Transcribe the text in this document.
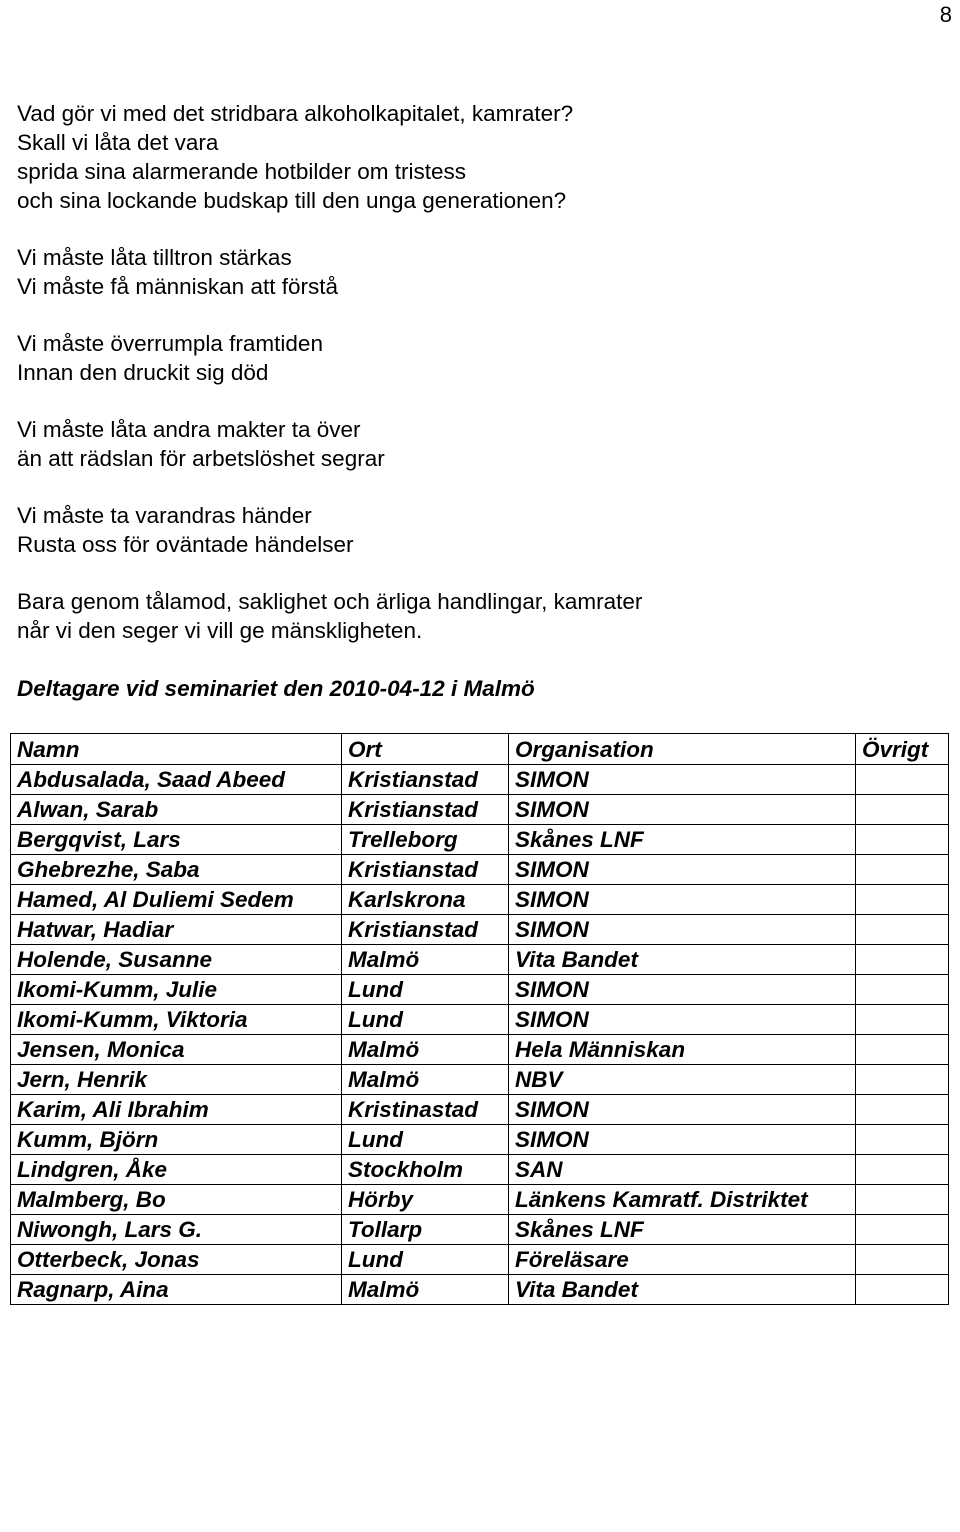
8
Vad gör vi med det stridbara alkoholkapitalet, kamrater?
Skall vi låta det vara
sprida sina alarmerande hotbilder om tristess
och sina lockande budskap till den unga generationen?
Vi måste låta tilltron stärkas
Vi måste få människan att förstå
Vi måste överrumpla framtiden
Innan den druckit sig död
Vi måste låta andra makter ta över
än att rädslan för arbetslöshet segrar
Vi måste ta varandras händer
Rusta oss för oväntade händelser
Bara genom tålamod, saklighet och ärliga handlingar, kamrater
når vi den seger vi vill ge mänskligheten.
Deltagare vid seminariet den 2010-04-12 i Malmö
Namn	Ort	Organisation	Övrigt
Abdusalada, Saad Abeed	Kristianstad	SIMON	
Alwan, Sarab	Kristianstad	SIMON	
Bergqvist, Lars	Trelleborg	Skånes LNF	
Ghebrezhe, Saba	Kristianstad	SIMON	
Hamed, Al Duliemi Sedem	Karlskrona	SIMON	
Hatwar, Hadiar	Kristianstad	SIMON	
Holende, Susanne	Malmö	Vita Bandet	
Ikomi-Kumm, Julie	Lund	SIMON	
Ikomi-Kumm, Viktoria	Lund	SIMON	
Jensen, Monica	Malmö	Hela Människan	
Jern, Henrik	Malmö	NBV	
Karim, Ali Ibrahim	Kristinastad	SIMON	
Kumm, Björn	Lund	SIMON	
Lindgren, Åke	Stockholm	SAN	
Malmberg, Bo	Hörby	Länkens Kamratf. Distriktet	
Niwongh, Lars G.	Tollarp	Skånes LNF	
Otterbeck, Jonas	Lund	Föreläsare	
Ragnarp, Aina	Malmö	Vita Bandet	
